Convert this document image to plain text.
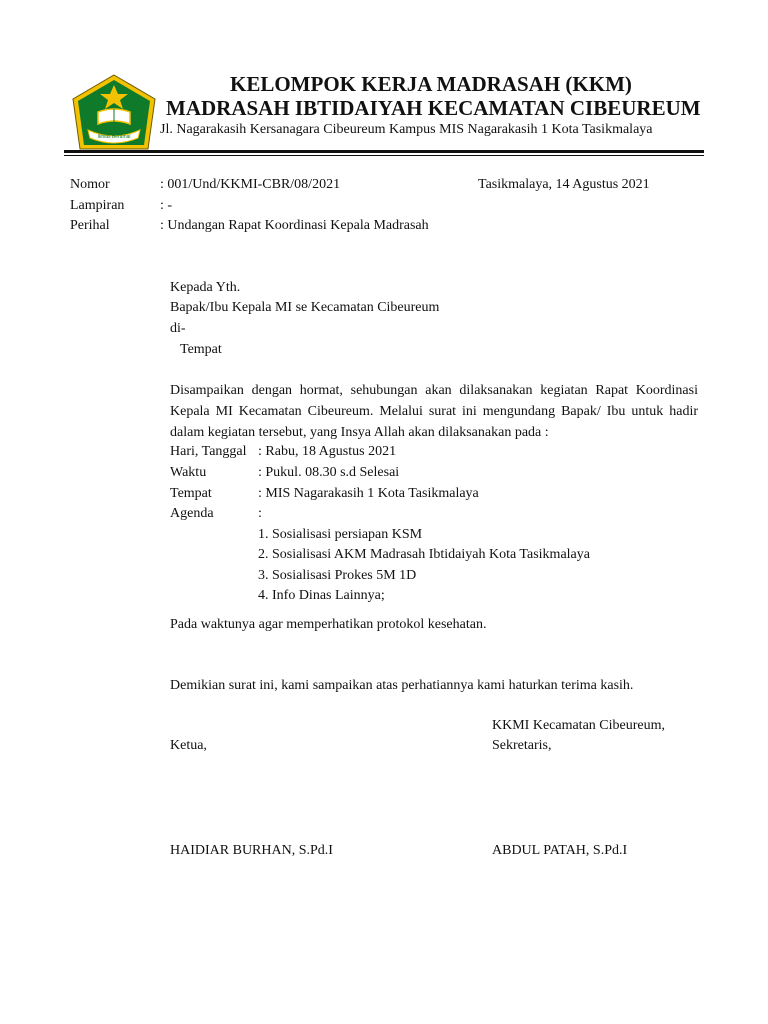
Ikhlas Beramal
KELOMPOK KERJA MADRASAH (KKM)
MADRASAH IBTIDAIYAH KECAMATAN CIBEUREUM
Jl. Nagarakasih Kersanagara Cibeureum Kampus MIS Nagarakasih 1 Kota Tasikmalaya
Nomor	: 001/Und/KKMI-CBR/08/2021	Tasikmalaya, 14 Agustus 2021
Lampiran	: -
Perihal	: Undangan Rapat Koordinasi Kepala Madrasah
Kepada Yth.
Bapak/Ibu Kepala MI se Kecamatan Cibeureum
di-
Tempat
Disampaikan dengan hormat, sehubungan akan dilaksanakan kegiatan Rapat Koordinasi Kepala MI Kecamatan Cibeureum. Melalui surat ini mengundang Bapak/ Ibu untuk hadir dalam kegiatan tersebut, yang Insya Allah akan dilaksanakan pada :
Hari, Tanggal : Rabu, 18 Agustus 2021
Waktu	: Pukul. 08.30 s.d Selesai
Tempat	: MIS Nagarakasih 1 Kota Tasikmalaya
Agenda	:
1. Sosialisasi persiapan KSM
2. Sosialisasi AKM Madrasah Ibtidaiyah Kota Tasikmalaya
3. Sosialisasi Prokes 5M 1D
4. Info Dinas Lainnya;
Pada waktunya agar memperhatikan protokol kesehatan.
Demikian surat ini, kami sampaikan atas perhatiannya kami haturkan terima kasih.
KKMI Kecamatan Cibeureum,
Ketua,	Sekretaris,
HAIDIAR BURHAN, S.Pd.I	ABDUL PATAH, S.Pd.I
